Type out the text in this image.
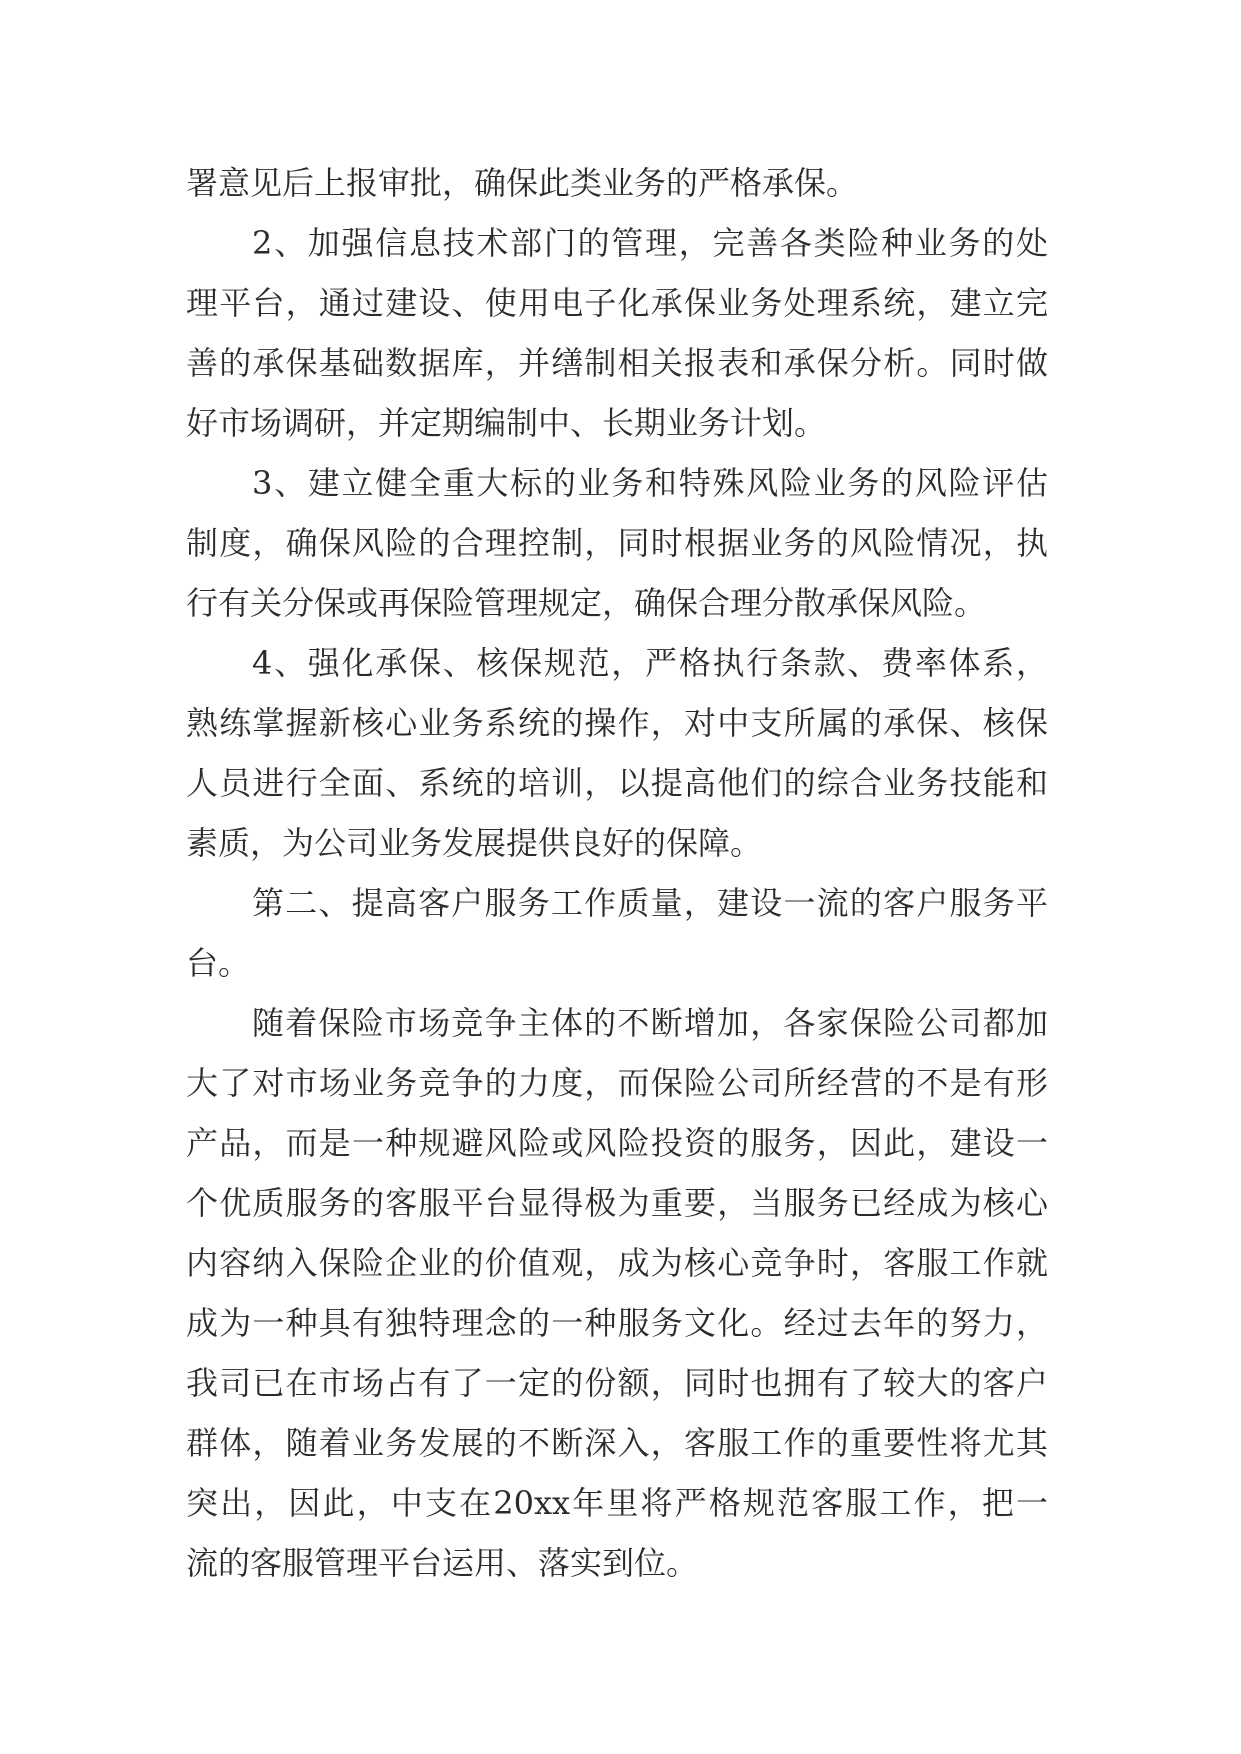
署意见后上报审批，确保此类业务的严格承保。
2、加强信息技术部门的管理，完善各类险种业务的处
理平台，通过建设、使用电子化承保业务处理系统，建立完
善的承保基础数据库，并缮制相关报表和承保分析。同时做
好市场调研，并定期编制中、长期业务计划。
3、建立健全重大标的业务和特殊风险业务的风险评估
制度，确保风险的合理控制，同时根据业务的风险情况，执
行有关分保或再保险管理规定，确保合理分散承保风险。
4、强化承保、核保规范，严格执行条款、费率体系，
熟练掌握新核心业务系统的操作，对中支所属的承保、核保
人员进行全面、系统的培训，以提高他们的综合业务技能和
素质，为公司业务发展提供良好的保障。
第二、提高客户服务工作质量，建设一流的客户服务平
台。
随着保险市场竞争主体的不断增加，各家保险公司都加
大了对市场业务竞争的力度，而保险公司所经营的不是有形
产品，而是一种规避风险或风险投资的服务，因此，建设一
个优质服务的客服平台显得极为重要，当服务已经成为核心
内容纳入保险企业的价值观，成为核心竞争时，客服工作就
成为一种具有独特理念的一种服务文化。经过去年的努力，
我司已在市场占有了一定的份额，同时也拥有了较大的客户
群体，随着业务发展的不断深入，客服工作的重要性将尤其
突出，因此，中支在20xx年里将严格规范客服工作，把一
流的客服管理平台运用、落实到位。
